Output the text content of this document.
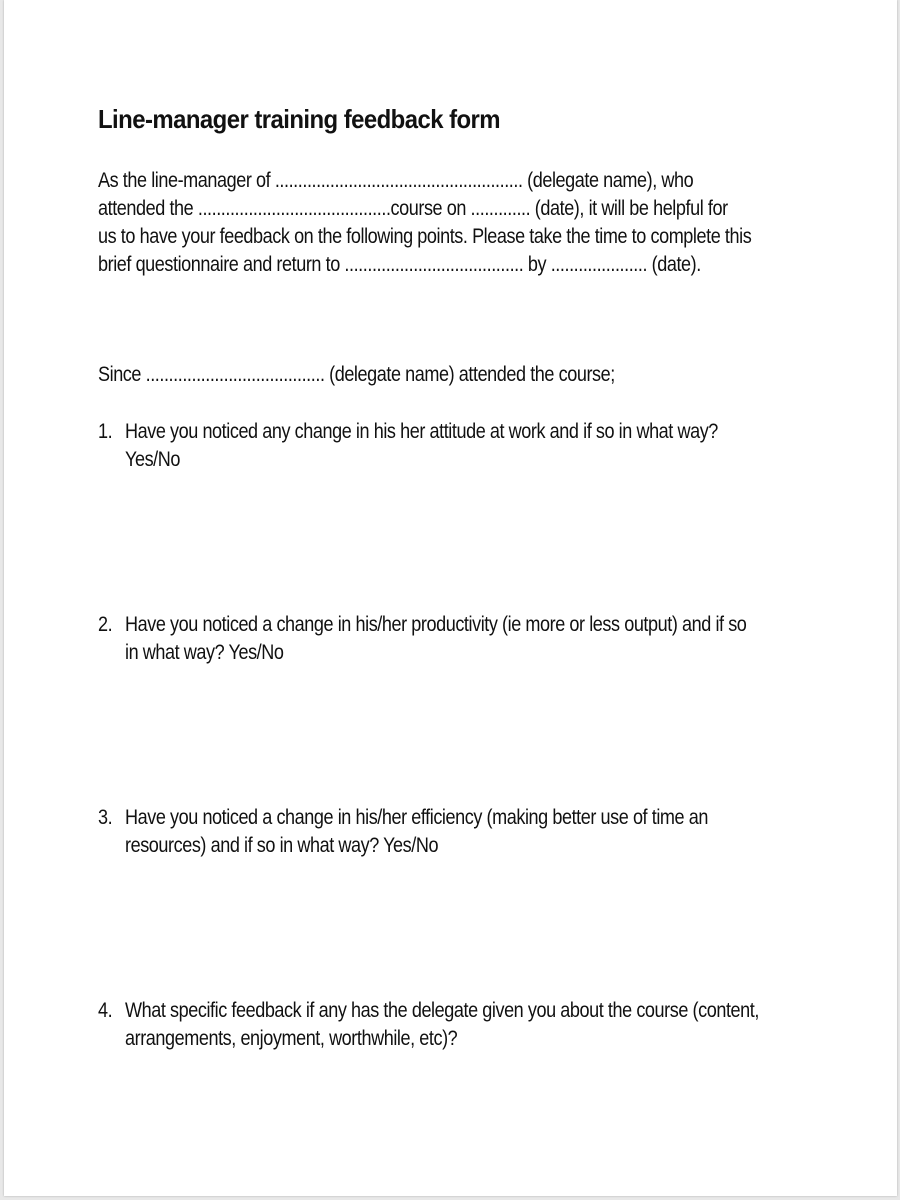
Line-manager training feedback form
As the line-manager of ...................................................... (delegate name), who
attended the ..........................................course on ............. (date), it will be helpful for
us to have your feedback on the following points. Please take the time to complete this
brief questionnaire and return to ....................................... by ..................... (date).
Since ....................................... (delegate name) attended the course;
1. Have you noticed any change in his her attitude at work and if so in what way?
Yes/No
2. Have you noticed a change in his/her productivity (ie more or less output) and if so
in what way? Yes/No
3. Have you noticed a change in his/her efficiency (making better use of time an
resources) and if so in what way? Yes/No
4. What specific feedback if any has the delegate given you about the course (content,
arrangements, enjoyment, worthwhile, etc)?
